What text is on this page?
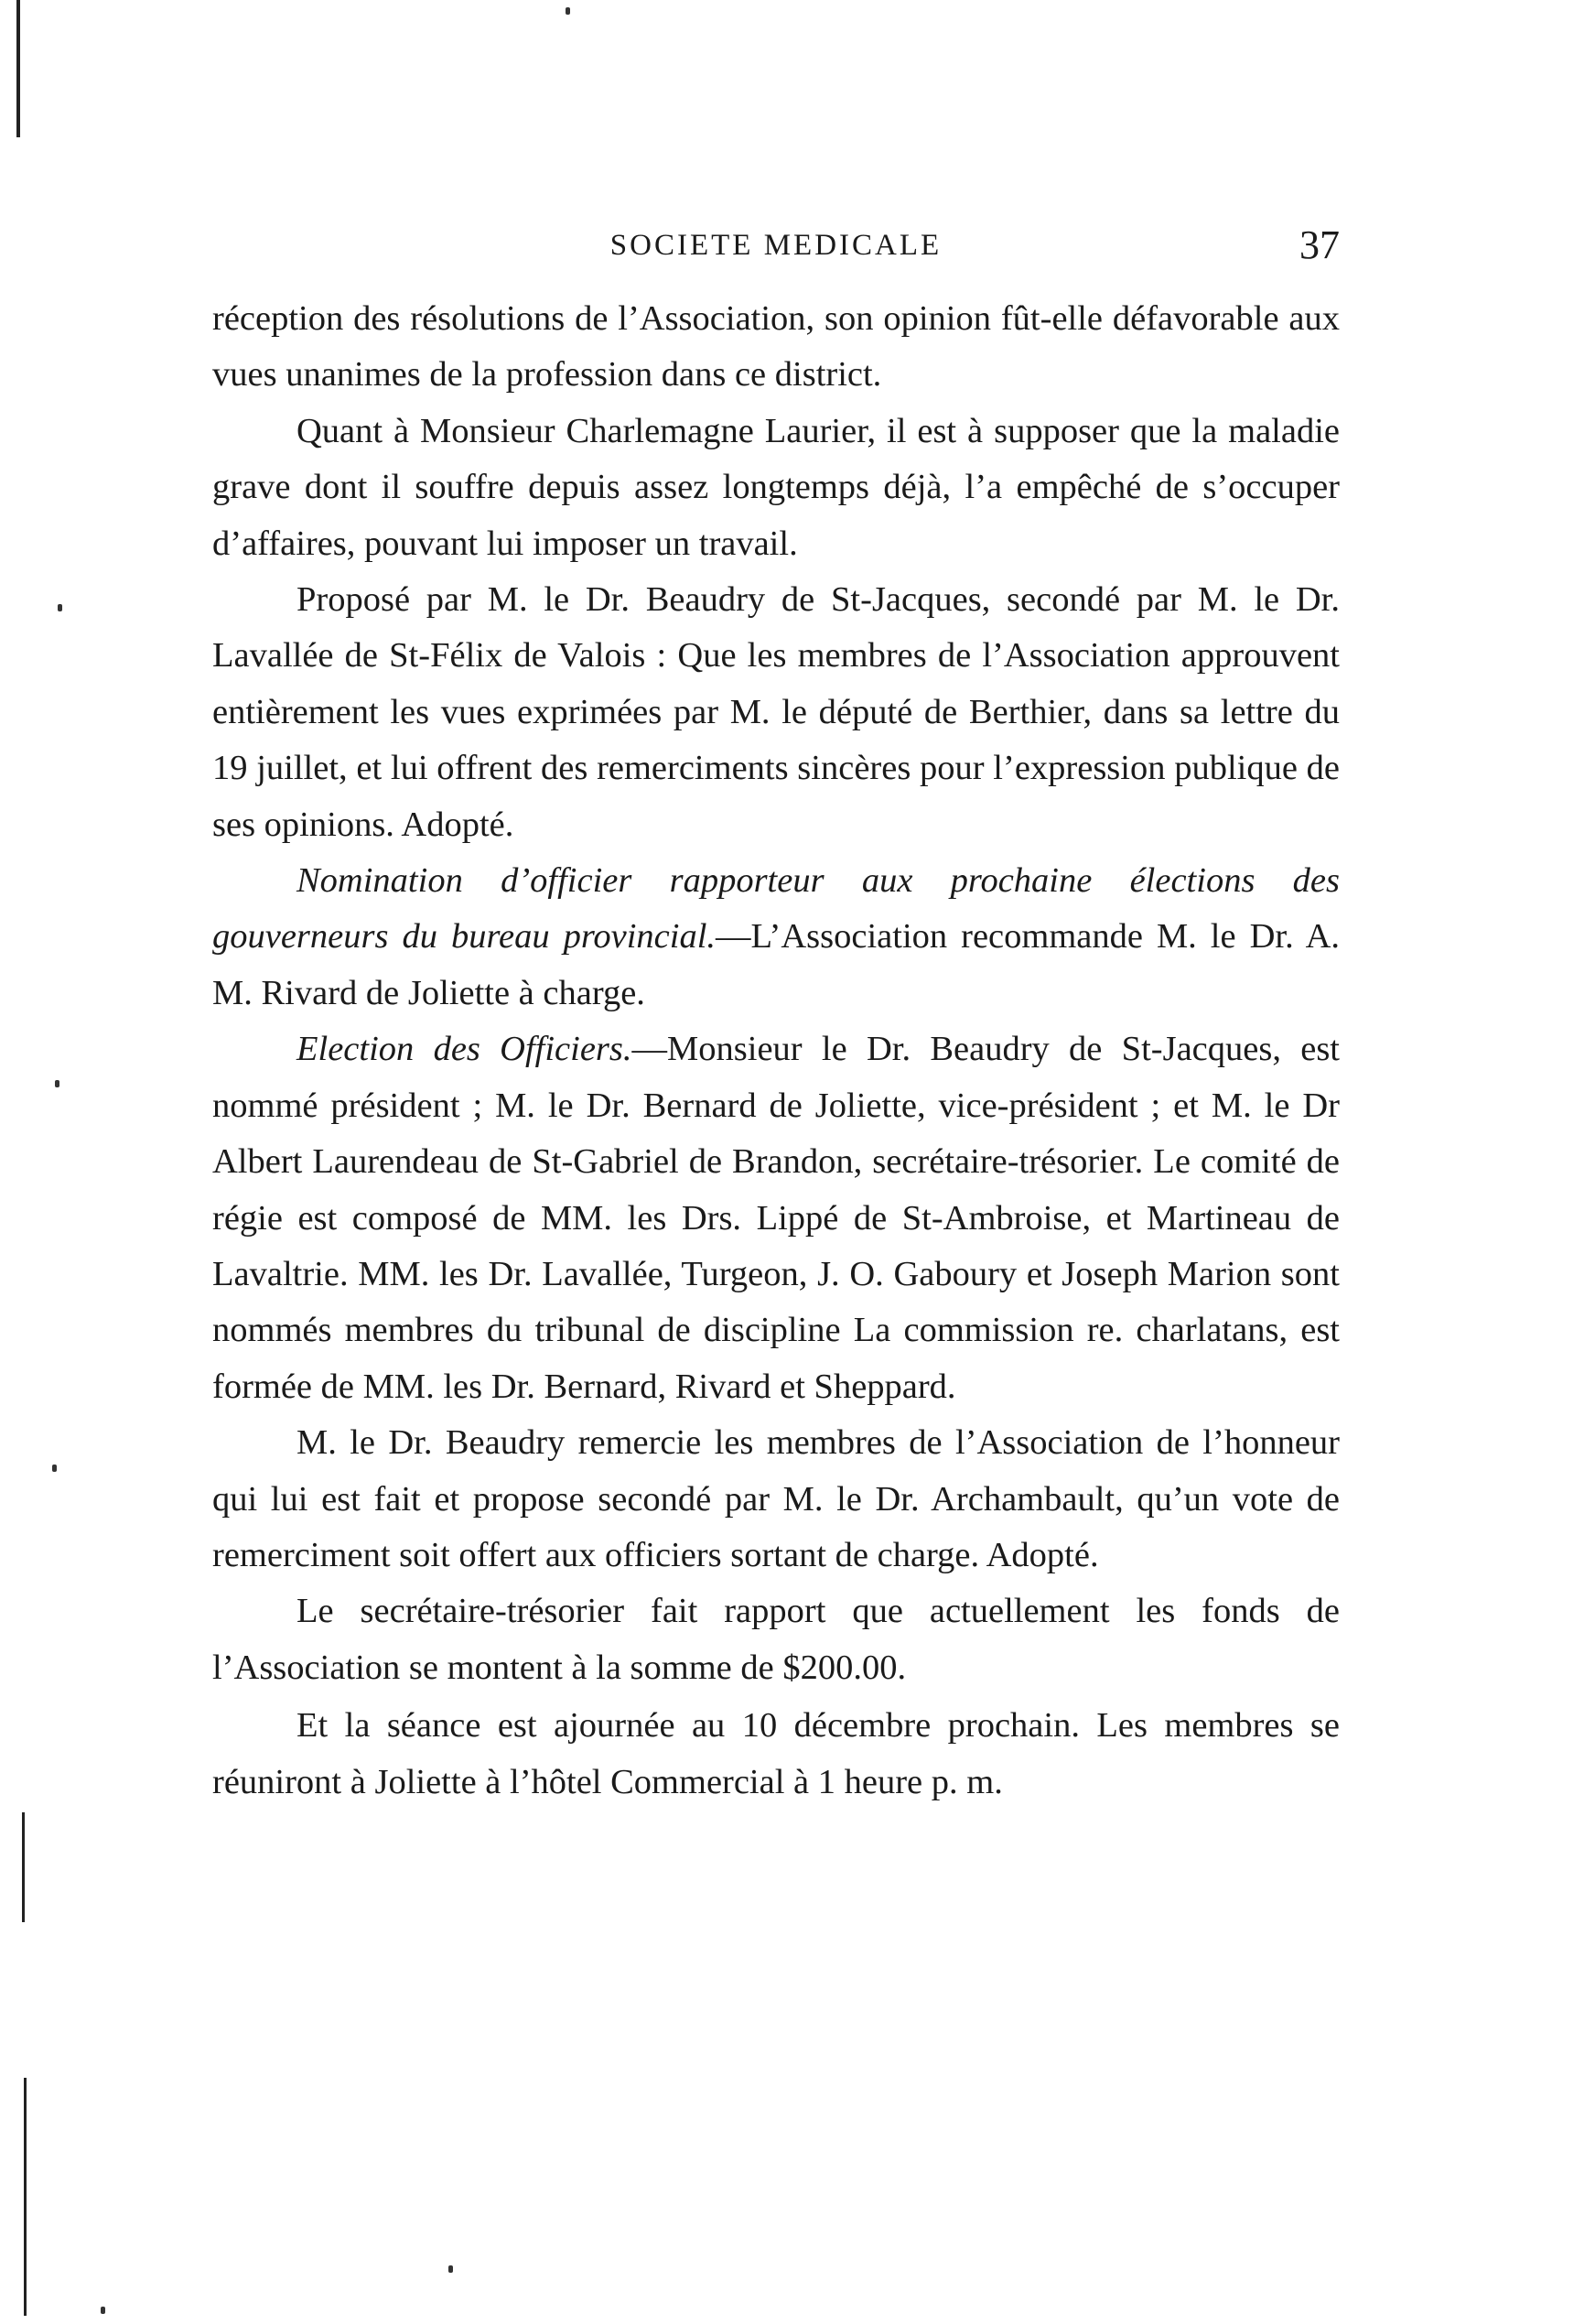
SOCIETE MEDICALE	37

réception des résolutions de l’Association, son opinion fût-elle défavorable aux vues unanimes de la profession dans ce district.

Quant à Monsieur Charlemagne Laurier, il est à supposer que la maladie grave dont il souffre depuis assez longtemps déjà, l’a empêché de s’occuper d’affaires, pouvant lui imposer un travail.

Proposé par M. le Dr. Beaudry de St-Jacques, secondé par M. le Dr. Lavallée de St-Félix de Valois : Que les membres de l’Association approuvent entièrement les vues exprimées par M. le député de Berthier, dans sa lettre du 19 juillet, et lui offrent des remerciments sincères pour l’expression publique de ses opinions. Adopté.

Nomination d’officier rapporteur aux prochaine élections des gouverneurs du bureau provincial.—L’Association recommande M. le Dr. A. M. Rivard de Joliette à charge.

Election des Officiers.—Monsieur le Dr. Beaudry de St-Jacques, est nommé président ; M. le Dr. Bernard de Joliette, vice-président ; et M. le Dr Albert Laurendeau de St-Gabriel de Brandon, secrétaire-trésorier. Le comité de régie est composé de MM. les Drs. Lippé de St-Ambroise, et Martineau de Lavaltrie. MM. les Dr. Lavallée, Turgeon, J. O. Gaboury et Joseph Marion sont nommés membres du tribunal de discipline La commission re. charlatans, est formée de MM. les Dr. Bernard, Rivard et Sheppard.

M. le Dr. Beaudry remercie les membres de l’Association de l’honneur qui lui est fait et propose secondé par M. le Dr. Archambault, qu’un vote de remerciment soit offert aux officiers sortant de charge. Adopté.

Le secrétaire-trésorier fait rapport que actuellement les fonds de l’Association se montent à la somme de $200.00.

Et la séance est ajournée au 10 décembre prochain. Les membres se réuniront à Joliette à l’hôtel Commercial à 1 heure p. m.
